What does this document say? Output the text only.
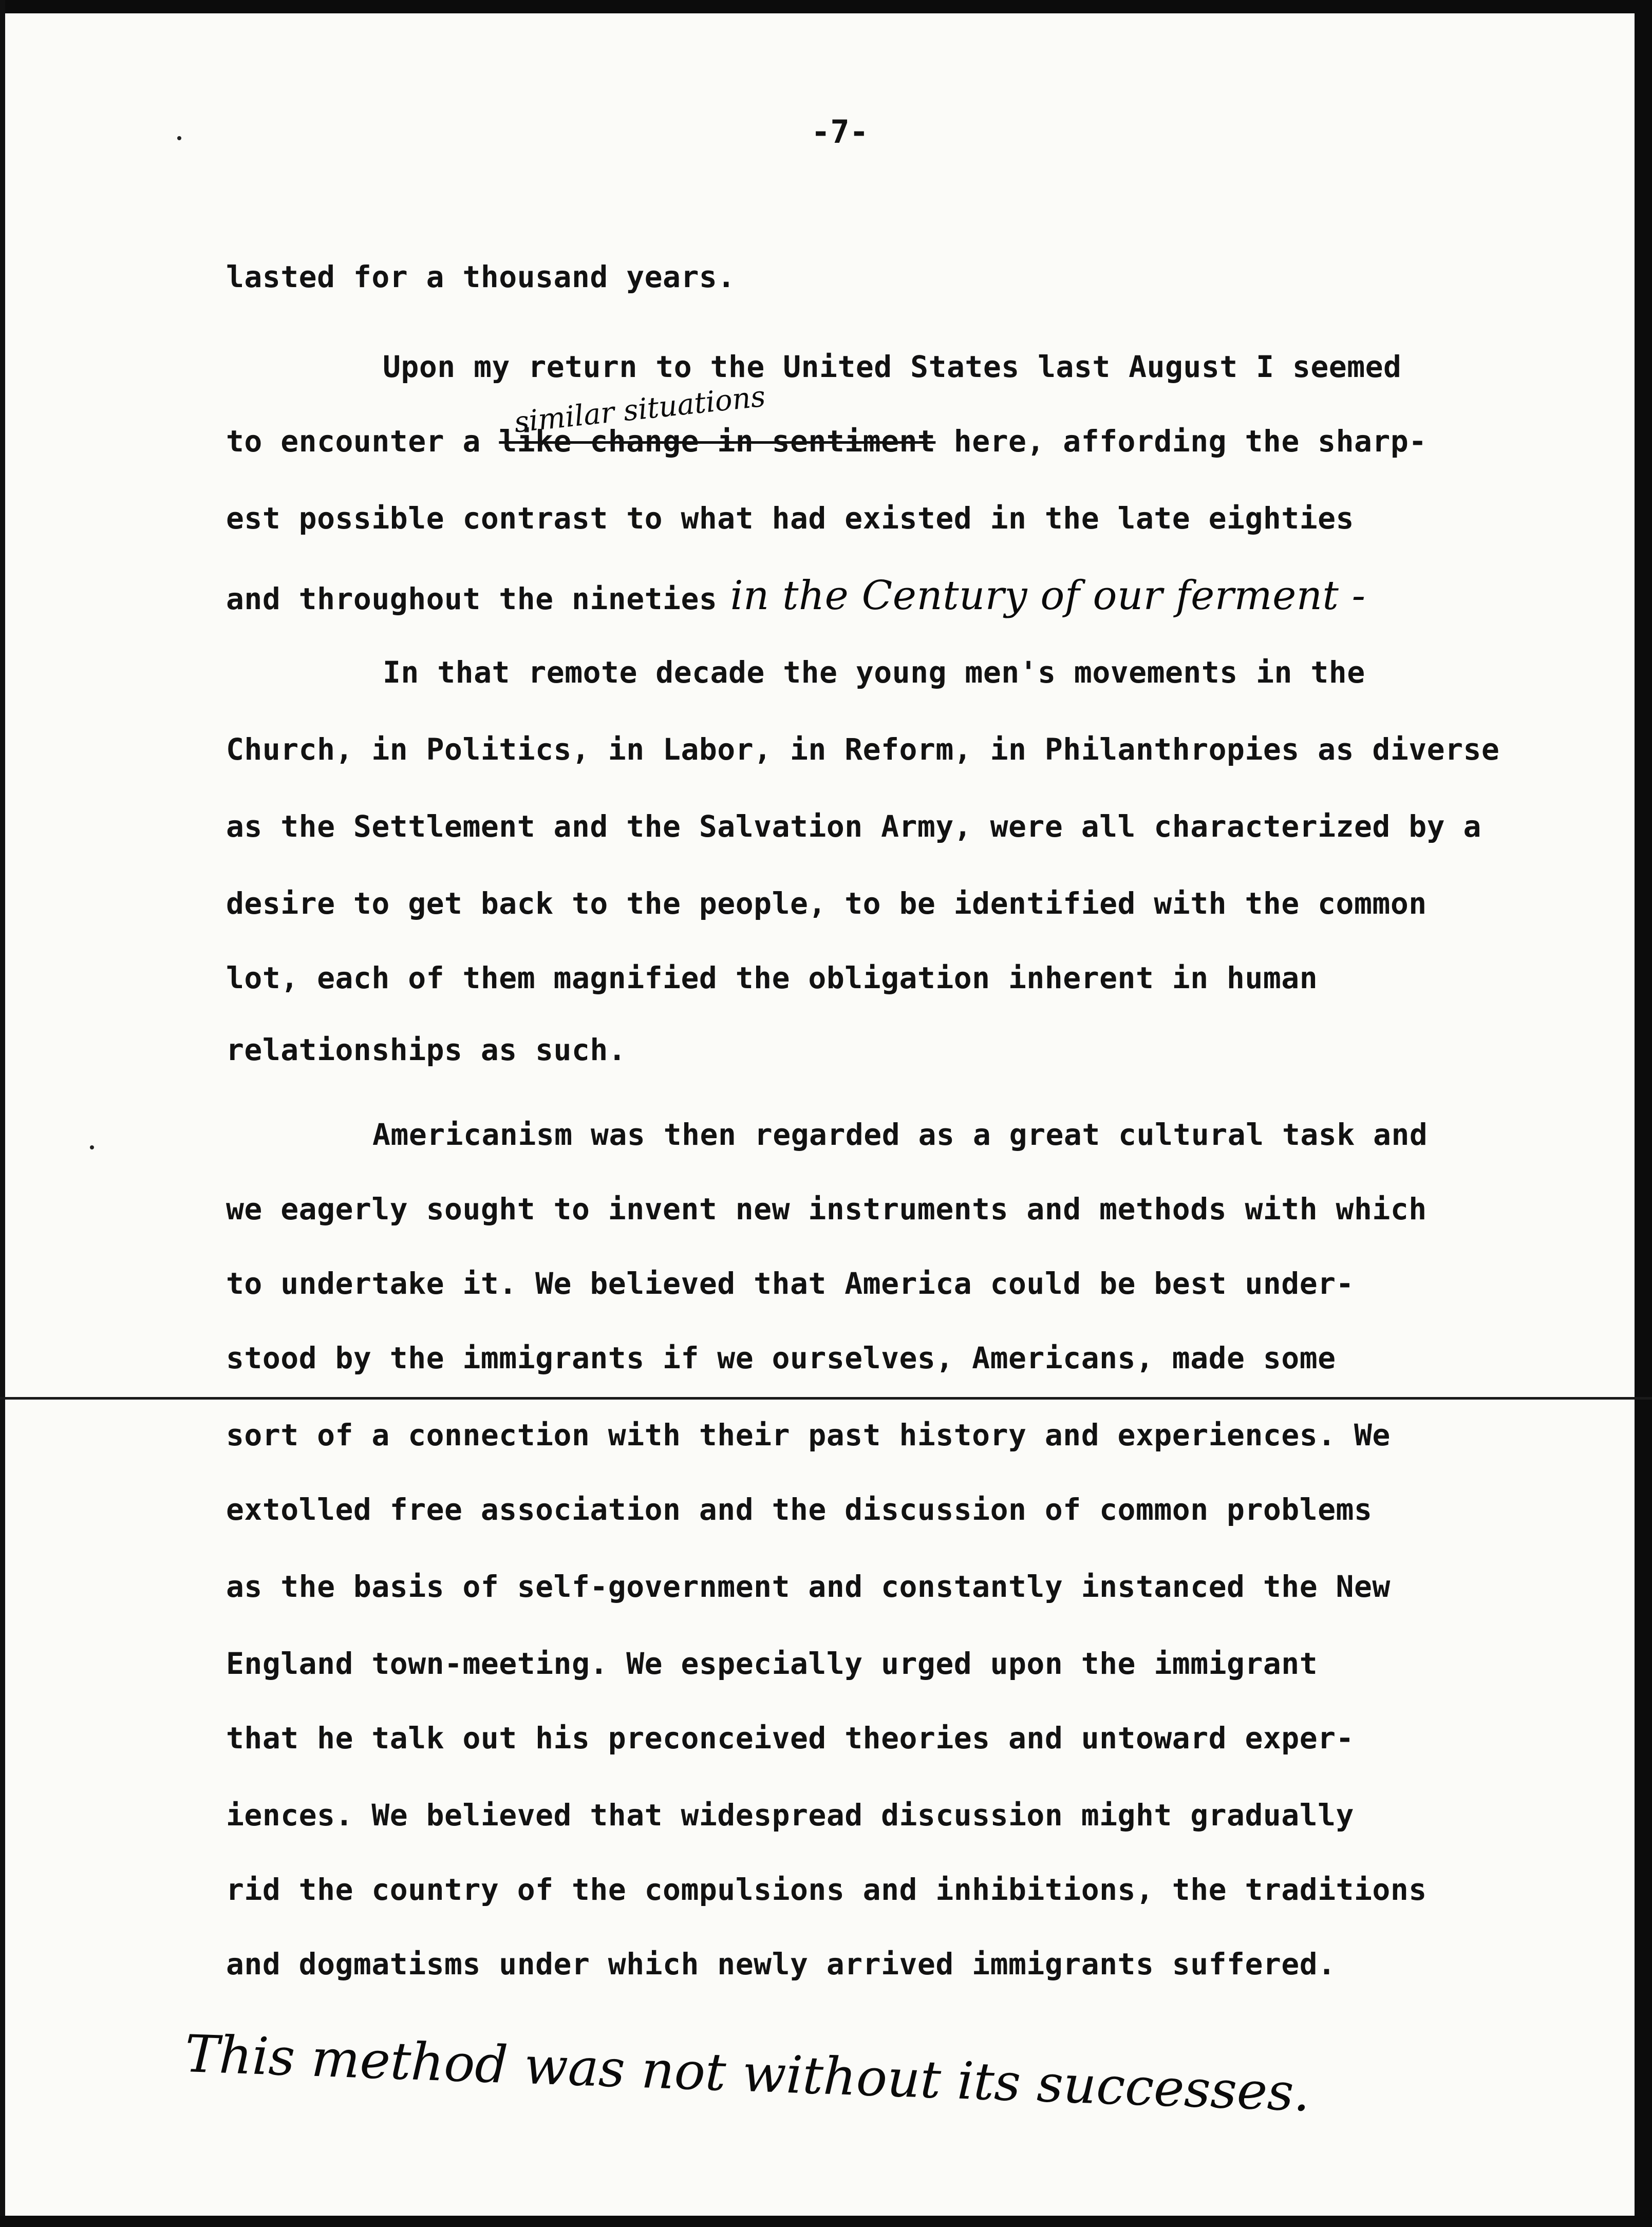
-7-
lasted for a thousand years.
Upon my return to the United States last August I seemed
similar situations
to encounter a like change in sentiment here, affording the sharp-
est possible contrast to what had existed in the late eighties
and throughout the nineties in the Century of our ferment -
In that remote decade the young men's movements in the
Church, in Politics, in Labor, in Reform, in Philanthropies as diverse
as the Settlement and the Salvation Army, were all characterized by a
desire to get back to the people, to be identified with the common
lot, each of them magnified the obligation inherent in human
relationships as such.
Americanism was then regarded as a great cultural task and
we eagerly sought to invent new instruments and methods with which
to undertake it. We believed that America could be best under-
stood by the immigrants if we ourselves, Americans, made some
sort of a connection with their past history and experiences. We
extolled free association and the discussion of common problems
as the basis of self-government and constantly instanced the New
England town-meeting. We especially urged upon the immigrant
that he talk out his preconceived theories and untoward exper-
iences. We believed that widespread discussion might gradually
rid the country of the compulsions and inhibitions, the traditions
and dogmatisms under which newly arrived immigrants suffered.
This method was not without its successes.
